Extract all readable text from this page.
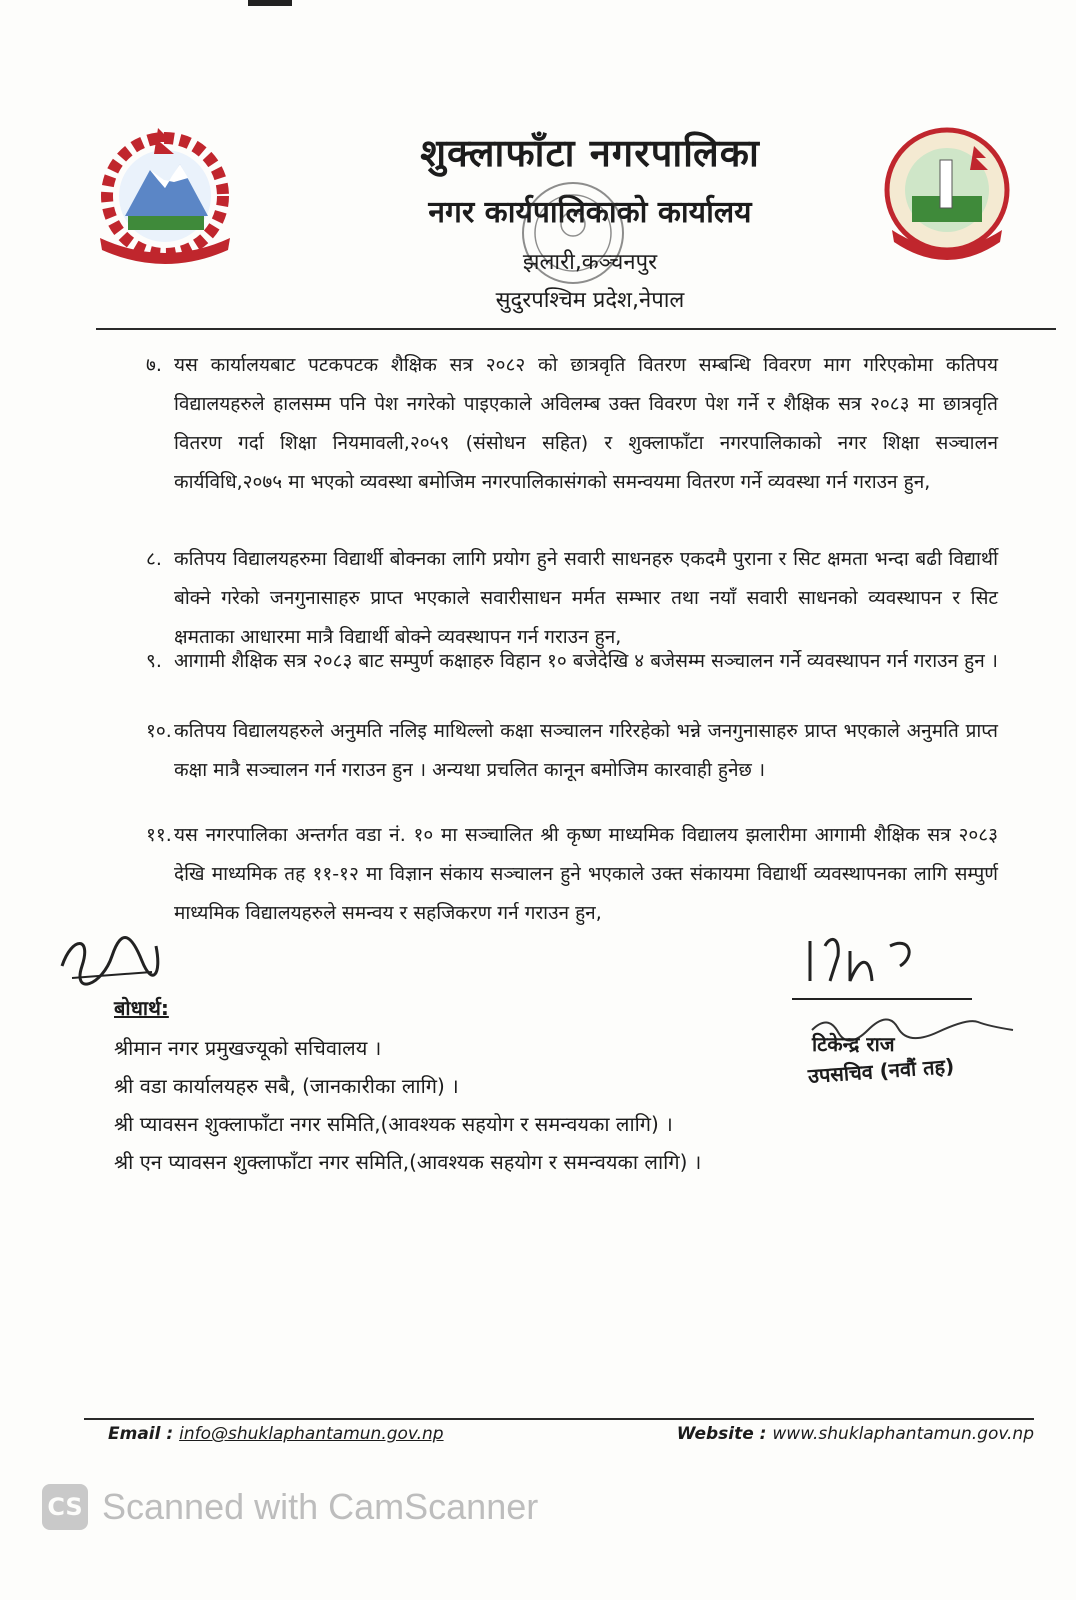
शुक्लाफाँटा नगरपालिका
नगर कार्यपालिकाको कार्यालय
झलारी,कञ्चनपुर
सुदुरपश्चिम प्रदेश,नेपाल
७. यस कार्यालयबाट पटकपटक शैक्षिक सत्र २०८२ को छात्रवृति वितरण सम्बन्धि विवरण माग गरिएकोमा कतिपय विद्यालयहरुले हालसम्म पनि पेश नगरेको पाइएकाले अविलम्ब उक्त विवरण पेश गर्ने र शैक्षिक सत्र २०८३ मा छात्रवृति वितरण गर्दा शिक्षा नियमावली,२०५९ (संसोधन सहित) र शुक्लाफाँटा नगरपालिकाको नगर शिक्षा सञ्चालन कार्यविधि,२०७५ मा भएको व्यवस्था बमोजिम नगरपालिकासंगको समन्वयमा वितरण गर्ने व्यवस्था गर्न गराउन हुन,
८. कतिपय विद्यालयहरुमा विद्यार्थी बोक्नका लागि प्रयोग हुने सवारी साधनहरु एकदमै पुराना र सिट क्षमता भन्दा बढी विद्यार्थी बोक्ने गरेको जनगुनासाहरु प्राप्त भएकाले सवारीसाधन मर्मत सम्भार तथा नयाँ सवारी साधनको व्यवस्थापन र सिट क्षमताका आधारमा मात्रै विद्यार्थी बोक्ने व्यवस्थापन गर्न गराउन हुन,
९. आगामी शैक्षिक सत्र २०८३ बाट सम्पुर्ण कक्षाहरु विहान १० बजेदेखि ४ बजेसम्म सञ्चालन गर्ने व्यवस्थापन गर्न गराउन हुन ।
१०. कतिपय विद्यालयहरुले अनुमति नलिइ माथिल्लो कक्षा सञ्चालन गरिरहेको भन्ने जनगुनासाहरु प्राप्त भएकाले अनुमति प्राप्त कक्षा मात्रै सञ्चालन गर्न गराउन हुन । अन्यथा प्रचलित कानून बमोजिम कारवाही हुनेछ ।
११. यस नगरपालिका अन्तर्गत वडा नं. १० मा सञ्चालित श्री कृष्ण माध्यमिक विद्यालय झलारीमा आगामी शैक्षिक सत्र २०८३ देखि माध्यमिक तह ११-१२ मा विज्ञान संकाय सञ्चालन हुने भएकाले उक्त संकायमा विद्यार्थी व्यवस्थापनका लागि सम्पुर्ण माध्यमिक विद्यालयहरुले समन्वय र सहजिकरण गर्न गराउन हुन,
टिकेन्द्र राज
उपसचिव (नवौं तह)
बोधार्थ:
श्रीमान नगर प्रमुखज्यूको सचिवालय ।
श्री वडा कार्यालयहरु सबै, (जानकारीका लागि) ।
श्री प्यावसन शुक्लाफाँटा नगर समिति,(आवश्यक सहयोग र समन्वयका लागि) ।
श्री एन प्यावसन शुक्लाफाँटा नगर समिति,(आवश्यक सहयोग र समन्वयका लागि) ।
Email : info@shuklaphantamun.gov.np	Website : www.shuklaphantamun.gov.np
CS Scanned with CamScanner
